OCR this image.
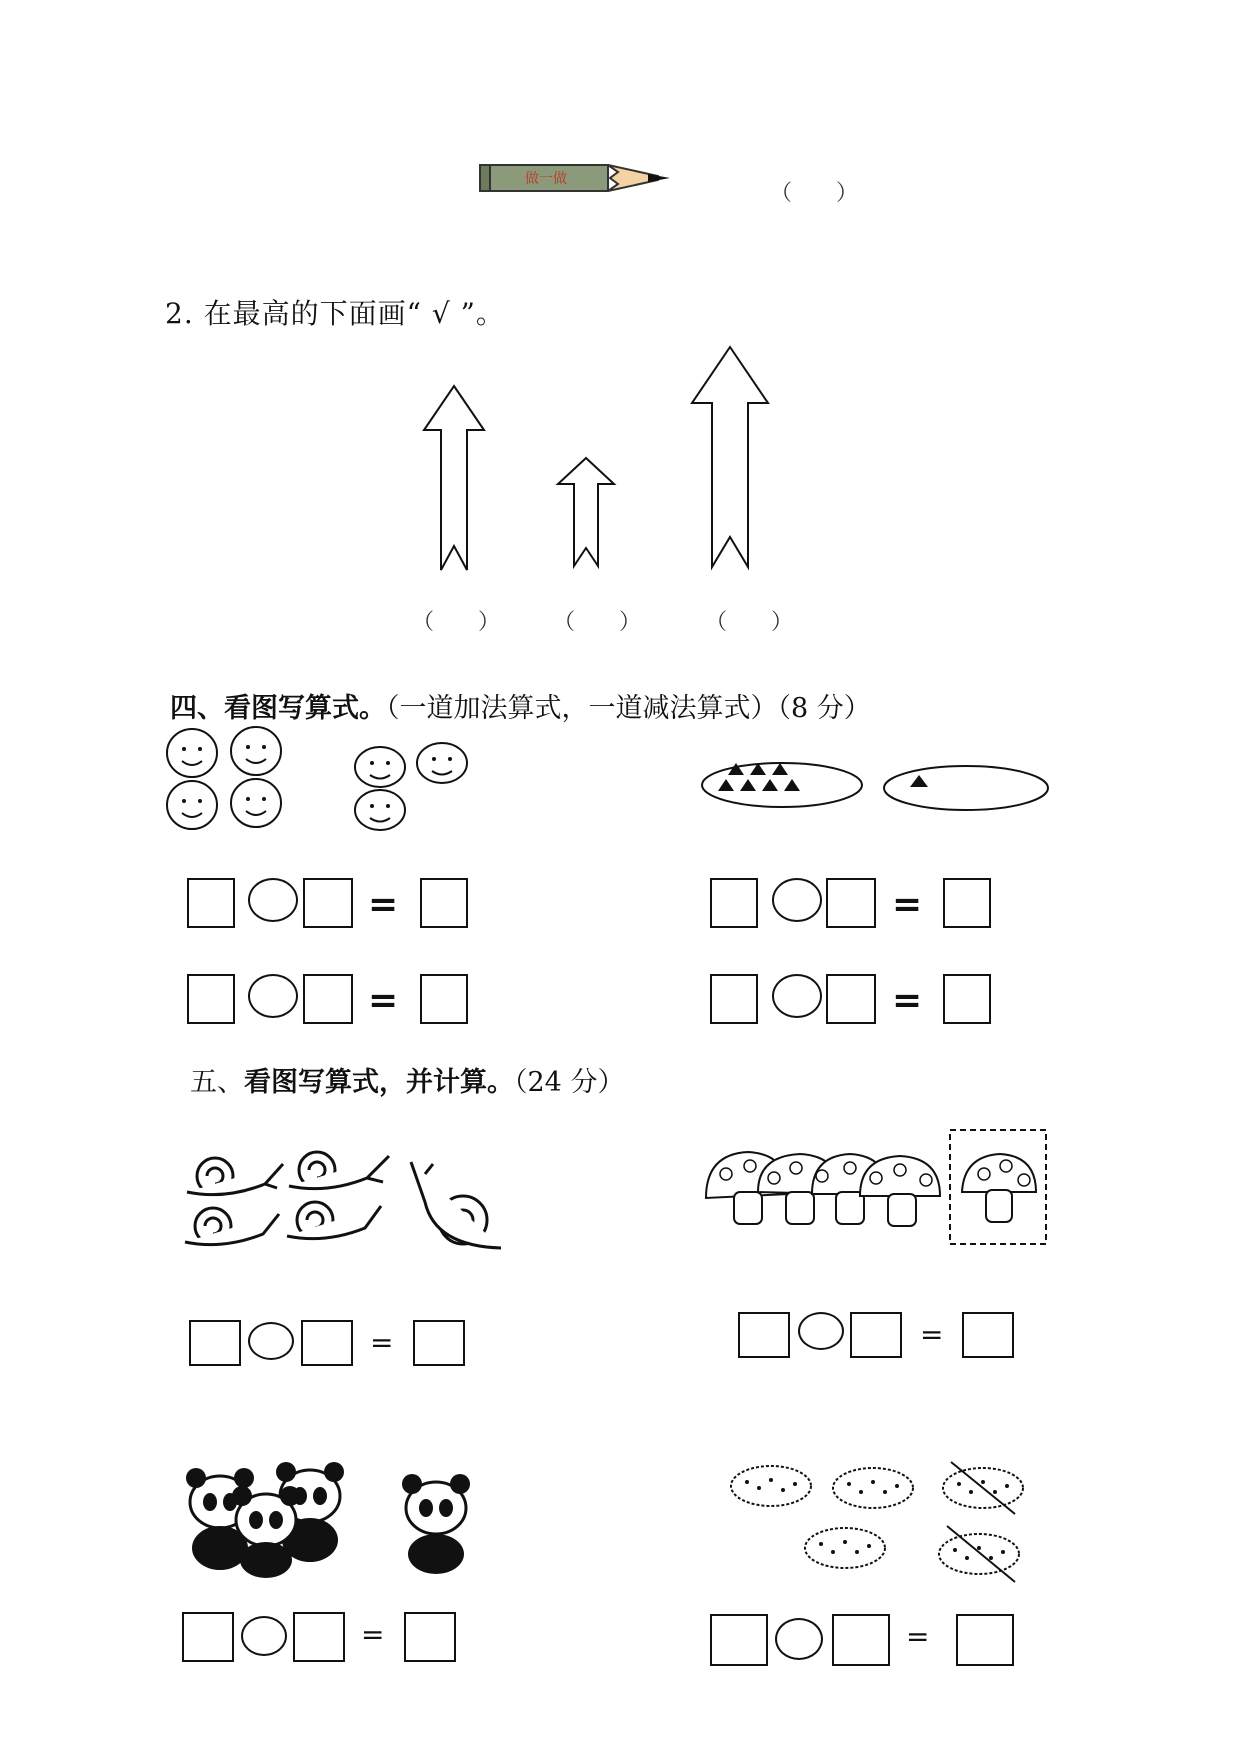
做一做
（　　）
2. 在最高的下面画“ √ ”。
（　　） （　　）	（　　）
四、看图写算式。（一道加法算式，一道减法算式）（8 分）
=	=
=	=
五、看图写算式，并计算。（24 分）
=	=
=	=
